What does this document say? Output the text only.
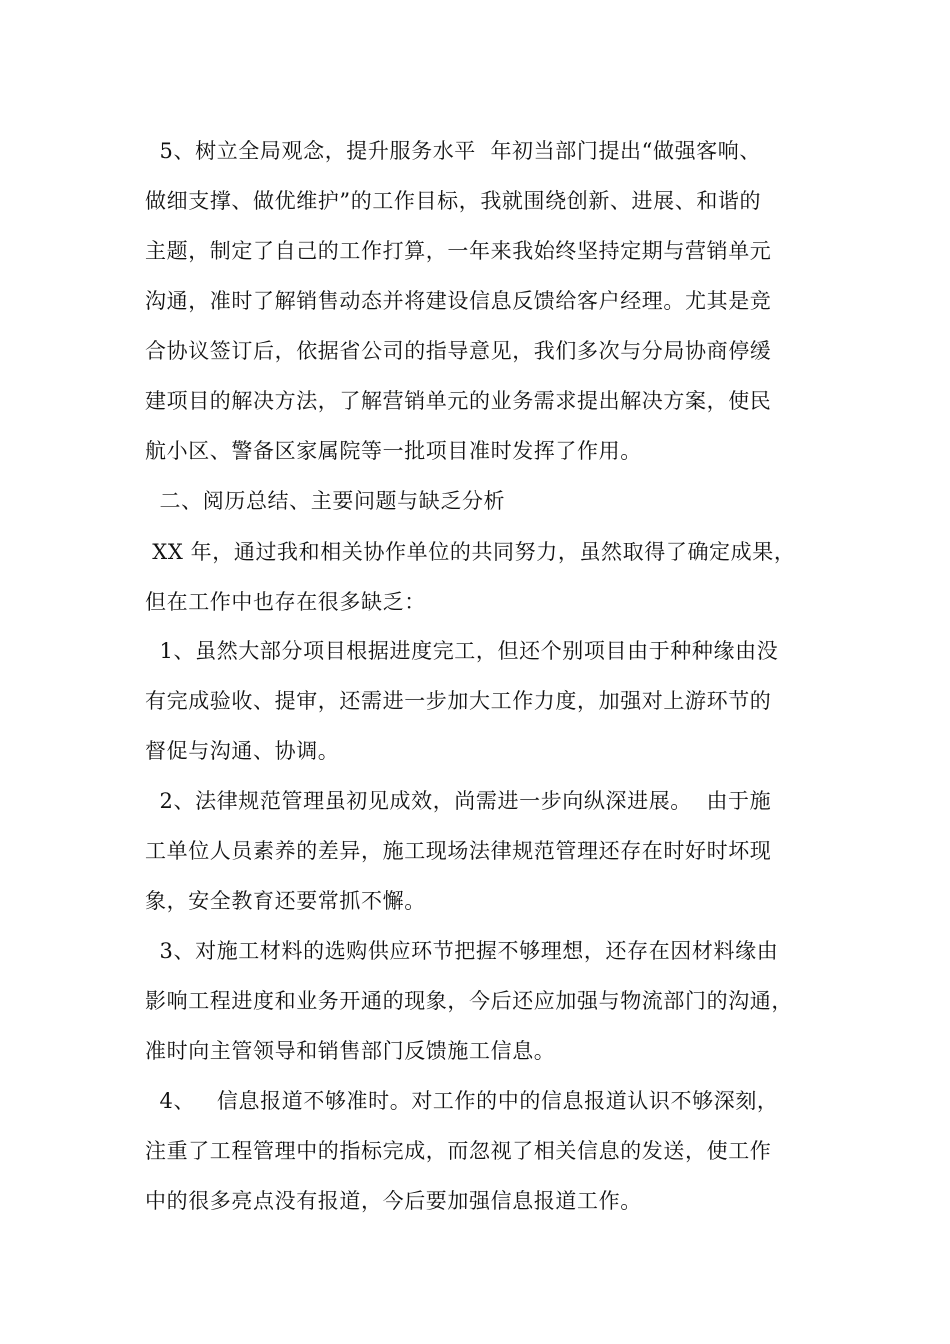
5、树立全局观念，提升服务水平  年初当部门提出“做强客响、
做细支撑、做优维护”的工作目标，我就围绕创新、进展、和谐的
主题，制定了自己的工作打算，一年来我始终坚持定期与营销单元
沟通，准时了解销售动态并将建设信息反馈给客户经理。尤其是竞
合协议签订后，依据省公司的指导意见，我们多次与分局协商停缓
建项目的解决方法，了解营销单元的业务需求提出解决方案，使民
航小区、警备区家属院等一批项目准时发挥了作用。
二、阅历总结、主要问题与缺乏分析
XX 年，通过我和相关协作单位的共同努力，虽然取得了确定成果，
但在工作中也存在很多缺乏：
1、虽然大部分项目根据进度完工，但还个别项目由于种种缘由没
有完成验收、提审，还需进一步加大工作力度，加强对上游环节的
督促与沟通、协调。
2、法律规范管理虽初见成效，尚需进一步向纵深进展。  由于施
工单位人员素养的差异，施工现场法律规范管理还存在时好时坏现
象，安全教育还要常抓不懈。
3、对施工材料的选购供应环节把握不够理想，还存在因材料缘由
影响工程进度和业务开通的现象，今后还应加强与物流部门的沟通，
准时向主管领导和销售部门反馈施工信息。
4、   信息报道不够准时。对工作的中的信息报道认识不够深刻，
注重了工程管理中的指标完成，而忽视了相关信息的发送，使工作
中的很多亮点没有报道，今后要加强信息报道工作。
